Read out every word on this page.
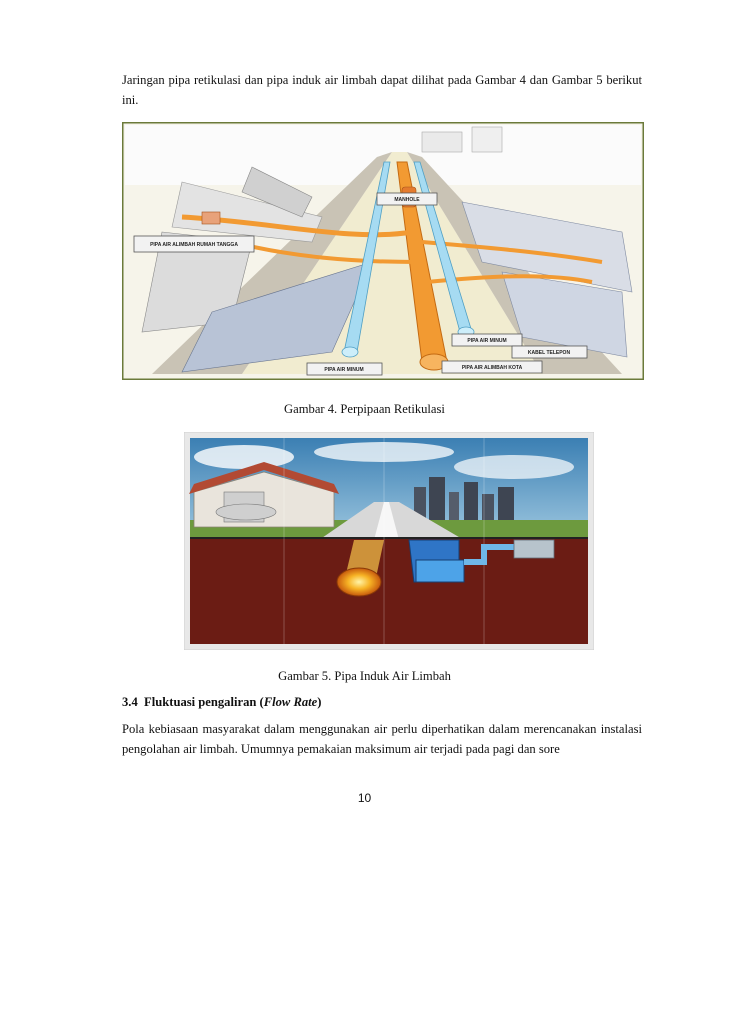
Jaringan pipa retikulasi dan pipa induk air limbah dapat dilihat pada Gambar 4 dan Gambar 5 berikut ini.

MANHOLE
PIPA AIR ALIMBAH RUMAH TANGGA
PIPA AIR MINUM
KABEL TELEPON
PIPA AIR MINUM	PIPA AIR ALIMBAH KOTA
Gambar 4. Perpipaan Retikulasi
Gambar 5. Pipa Induk Air Limbah

3.4 Fluktuasi pengaliran (Flow Rate)

Pola kebiasaan masyarakat dalam menggunakan air perlu diperhatikan dalam merencanakan instalasi pengolahan air limbah. Umumnya pemakaian maksimum air terjadi pada pagi dan sore

10
